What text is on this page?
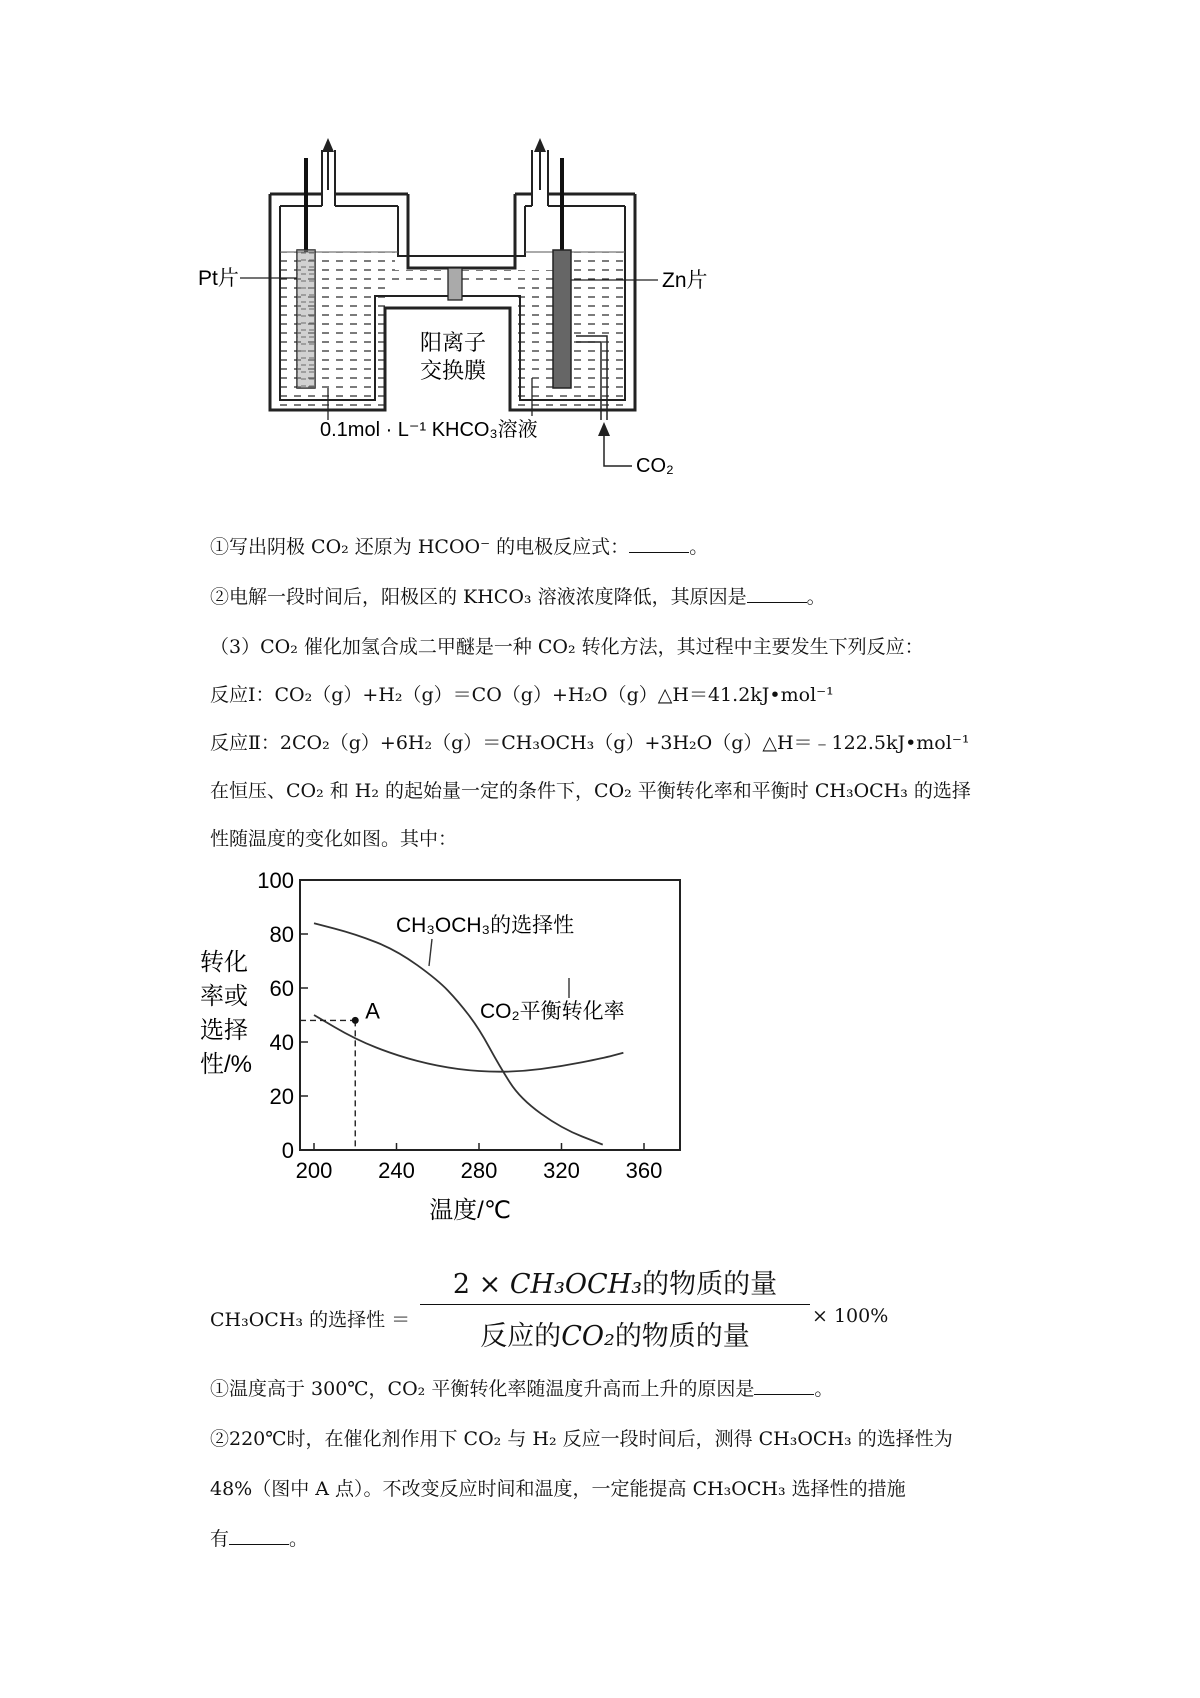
Pt片	Zn片
阳离子
交换膜
0.1mol · L⁻¹ KHCO₃溶液
CO₂
①写出阴极 CO₂ 还原为 HCOO⁻ 的电极反应式：	。
②电解一段时间后，阳极区的 KHCO₃ 溶液浓度降低，其原因是	。
（3）CO₂ 催化加氢合成二甲醚是一种 CO₂ 转化方法，其过程中主要发生下列反应：
反应Ⅰ：CO₂（g）+H₂（g）＝CO（g）+H₂O（g）△H＝41.2kJ•mol⁻¹
反应Ⅱ：2CO₂（g）+6H₂（g）＝CH₃OCH₃（g）+3H₂O（g）△H＝﹣122.5kJ•mol⁻¹
在恒压、CO₂ 和 H₂ 的起始量一定的条件下，CO₂ 平衡转化率和平衡时 CH₃OCH₃ 的选择
性随温度的变化如图。其中：
0
20
40
60
80
100
200 240 280 320 360
转化
率或
选择
性/%
温度/℃
CH₃OCH₃的选择性
CO₂平衡转化率
A
CH₃OCH₃ 的选择性 ＝
2 × CH₃OCH₃的物质的量
反应的CO₂的物质的量
× 100%
①温度高于 300℃，CO₂ 平衡转化率随温度升高而上升的原因是	。
②220℃时，在催化剂作用下 CO₂ 与 H₂ 反应一段时间后，测得 CH₃OCH₃ 的选择性为
48%（图中 A 点）。不改变反应时间和温度，一定能提高 CH₃OCH₃ 选择性的措施
有	。
